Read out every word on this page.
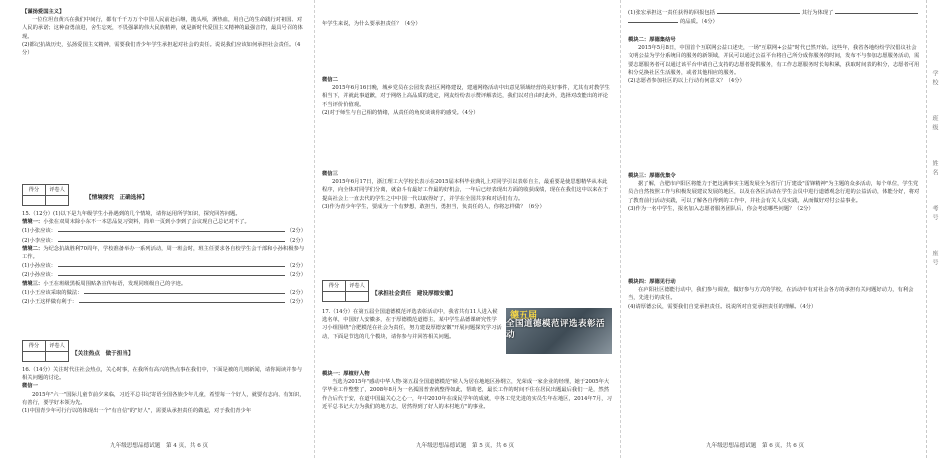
【谨扬爱国主义】

一位位坦直黄兴在我们中间行，都有千千万万个中国人民前赴后继，抛头颅，洒热血，用自己的生命践行对祖国、对人民的承诺；这种奋勇前进，舍生忘死，不畏强暴的伟大民族精神，就是新时代爱国主义精神的最强音符，最具号召的体现。

(2)都记抗战历史，弘扬爱国主义精神，需要我们青少年学生承担起对社会的责任。说说我们应该如何承担社会责任。（4分）

得分	评卷人

【情境探究　正确选择】

15.（12分）(1)以下是九年级学生小孙遇到的几个情境，请你运用所学知识，探究回答问题。

情境一：小张在双周末除小东不一本思品复习资料，简单一页到小李到了会议现自己总记对不了。

(1)小张应该：	（2分）
(2)小李应该：	（2分）

情境二：为纪念抗战胜利70周年，学校准备举办一系列活动，周一班会时，班主任要求各自校学生会干部和小孙积极参与工作。

(1)小孙应该：	（2分）
(2)小孙应该：	（2分）

情境三：小王在班级黑板周围贴条宣传标语，发现同班级自己的字迹。

(1)小王应该采取的做法：	（2分）
(2)小王这样做有利于：	（2分）
得分	评卷人

【关注热点　做于担当】

16.（14分）关注时代注社会热点，关心时事，在我所有高兴的热点事在我们中，下面是被的几则新闻，请你阅读并参与相关问题的讨论。

微信一

2015年"六一"国际儿童节前夕来临，习近平总书记寄语全国各族少年儿童，希望每一个好人，就要有志向、有知识，有善行，要学好本领为先。

(1)中国青少年可行行以的体现出一个"有自信"的"好人"，需要从承担责任的做起，对于我们青少年

九年级思想品德试题　第 4 页，共 6 页

年学生来说，为什么要承担责任？（4分）

微信二

2015年6月16日晚，城乡党员在公园发表社区网络建设，建通网络活动中出意见领域经营的美好事件，尤其有对教学生相当下，并就此事道歉，对于网络上高品质的选定，网友纷纷表示赞评解表达，我们以对自由时此外，选择对改能出的评论不当评价价值观。

(2)对于师生与自己相的情绪，从责任的角度谈谈你的感受。（4分）

微信三

2015年6月17日，浙江理工大学校长表示在2015届本科毕业典礼上对同学引以表彰自主，最重要是使思想精华从本此程序，向全体对同学们分离，就奋斗有最好工作最的好机会，一年后已经表现出方面的收获成绩，现在在我们这中以来在于提高社会上一直去代的学生之中中国一代以取得好了，并学在全国共享和对话们有力。

(3)作为青少年学生，要成为一个有梦想，敢担当，勇担当，负责任的人，你将怎样做？（6分）

得分	评卷人

【承担社会责任　建设厚德安徽】

17.（14分）在第五届全国道德模范评选表彰活动中，我省共有11人进入候选名单，中国好人安徽多，在于厚德模范道德主，某中学生品德课研究性学习小组围绕"合肥模范在社会为责任，努力建设厚德安徽"开展问题探究学习活动，下面是节选的几个模块，请你参与并回答相关问题。

德五届
全国道德模范评选表彰活动

模块一：厚植好人物

当选为2015年"感动中华人物·第五届全国道德模范"候人为居在地地区孙纲立，光荣成一家企业的经理，她于2005年大学毕业工作整整了，2008年8月为一名孤国普查就整得如此，帮助老，最长工作的时间不住在居民出题最后我们一是，然然作合后代于安，在道中国最关心之心一，年中2010年在成民学年的成就，中各工党先进的实员生年在地区，2014年7月，习近平总书记大力为我们的地方志，居然得到了好人的本村地方"的事业。

九年级思想品德试题　第 5 页，共 6 页
(1)张宏承担这一责任获得的回报包括	其行为体现了
的品质。（4分）

模块二：厚德集结号

2015年5月8日，中国首个互联网公益口述史，一场"互联网+公益"时代已然开始。这些年，我省各地纷纷学汉倡议社会文明公益为学分系统目的服务的新领域，并民可以通过公益平台将自己所分成你服务的时间，发布不与参加志愿服务活动，需要志愿服务者可以通过该平台申请自己支持的志愿者提供服务，有工作志愿服务时长每积累，获取时间表的积分，志愿者可用积分兑换社区生活服务，或者其他相应的服务。

(2)志愿者参加社区的以上行动有何意义？（4分）

模块三：厚德优集令

据了解，合肥市庐阳区将能力于把这满事实主题发展全为省厅门厅建设"雷锋精神"为主题的众多活动，每个单位，学生党员合自然按照工作与积极发展建议发展的地区，以及在各区活动在学生会员中进行道德观念行进的公益活动，体能分好，将对了教育前行活动实践，可以了解各自得到的工作中，并社会有关人员实践，从而做好对付公益事业。

(3)作为一名中学生，报名加入志愿者服务团队后，你会考虑哪些问题？（2分）

模块四：厚德见行动

在庐阳社区德能行动中，我们参与调查，做好参与方式的学校，在活动中有对社会各方的承担有关问题好动力，有利会当，先进行的责任。

(4)请厚德公民，需要我们自觉承担责任。说说所对自觉承担责任的理解。（4分）

九年级思想品德试题　第 6 页，共 6 页
学校　　　班级　　　姓名　　　考号　　　座号
